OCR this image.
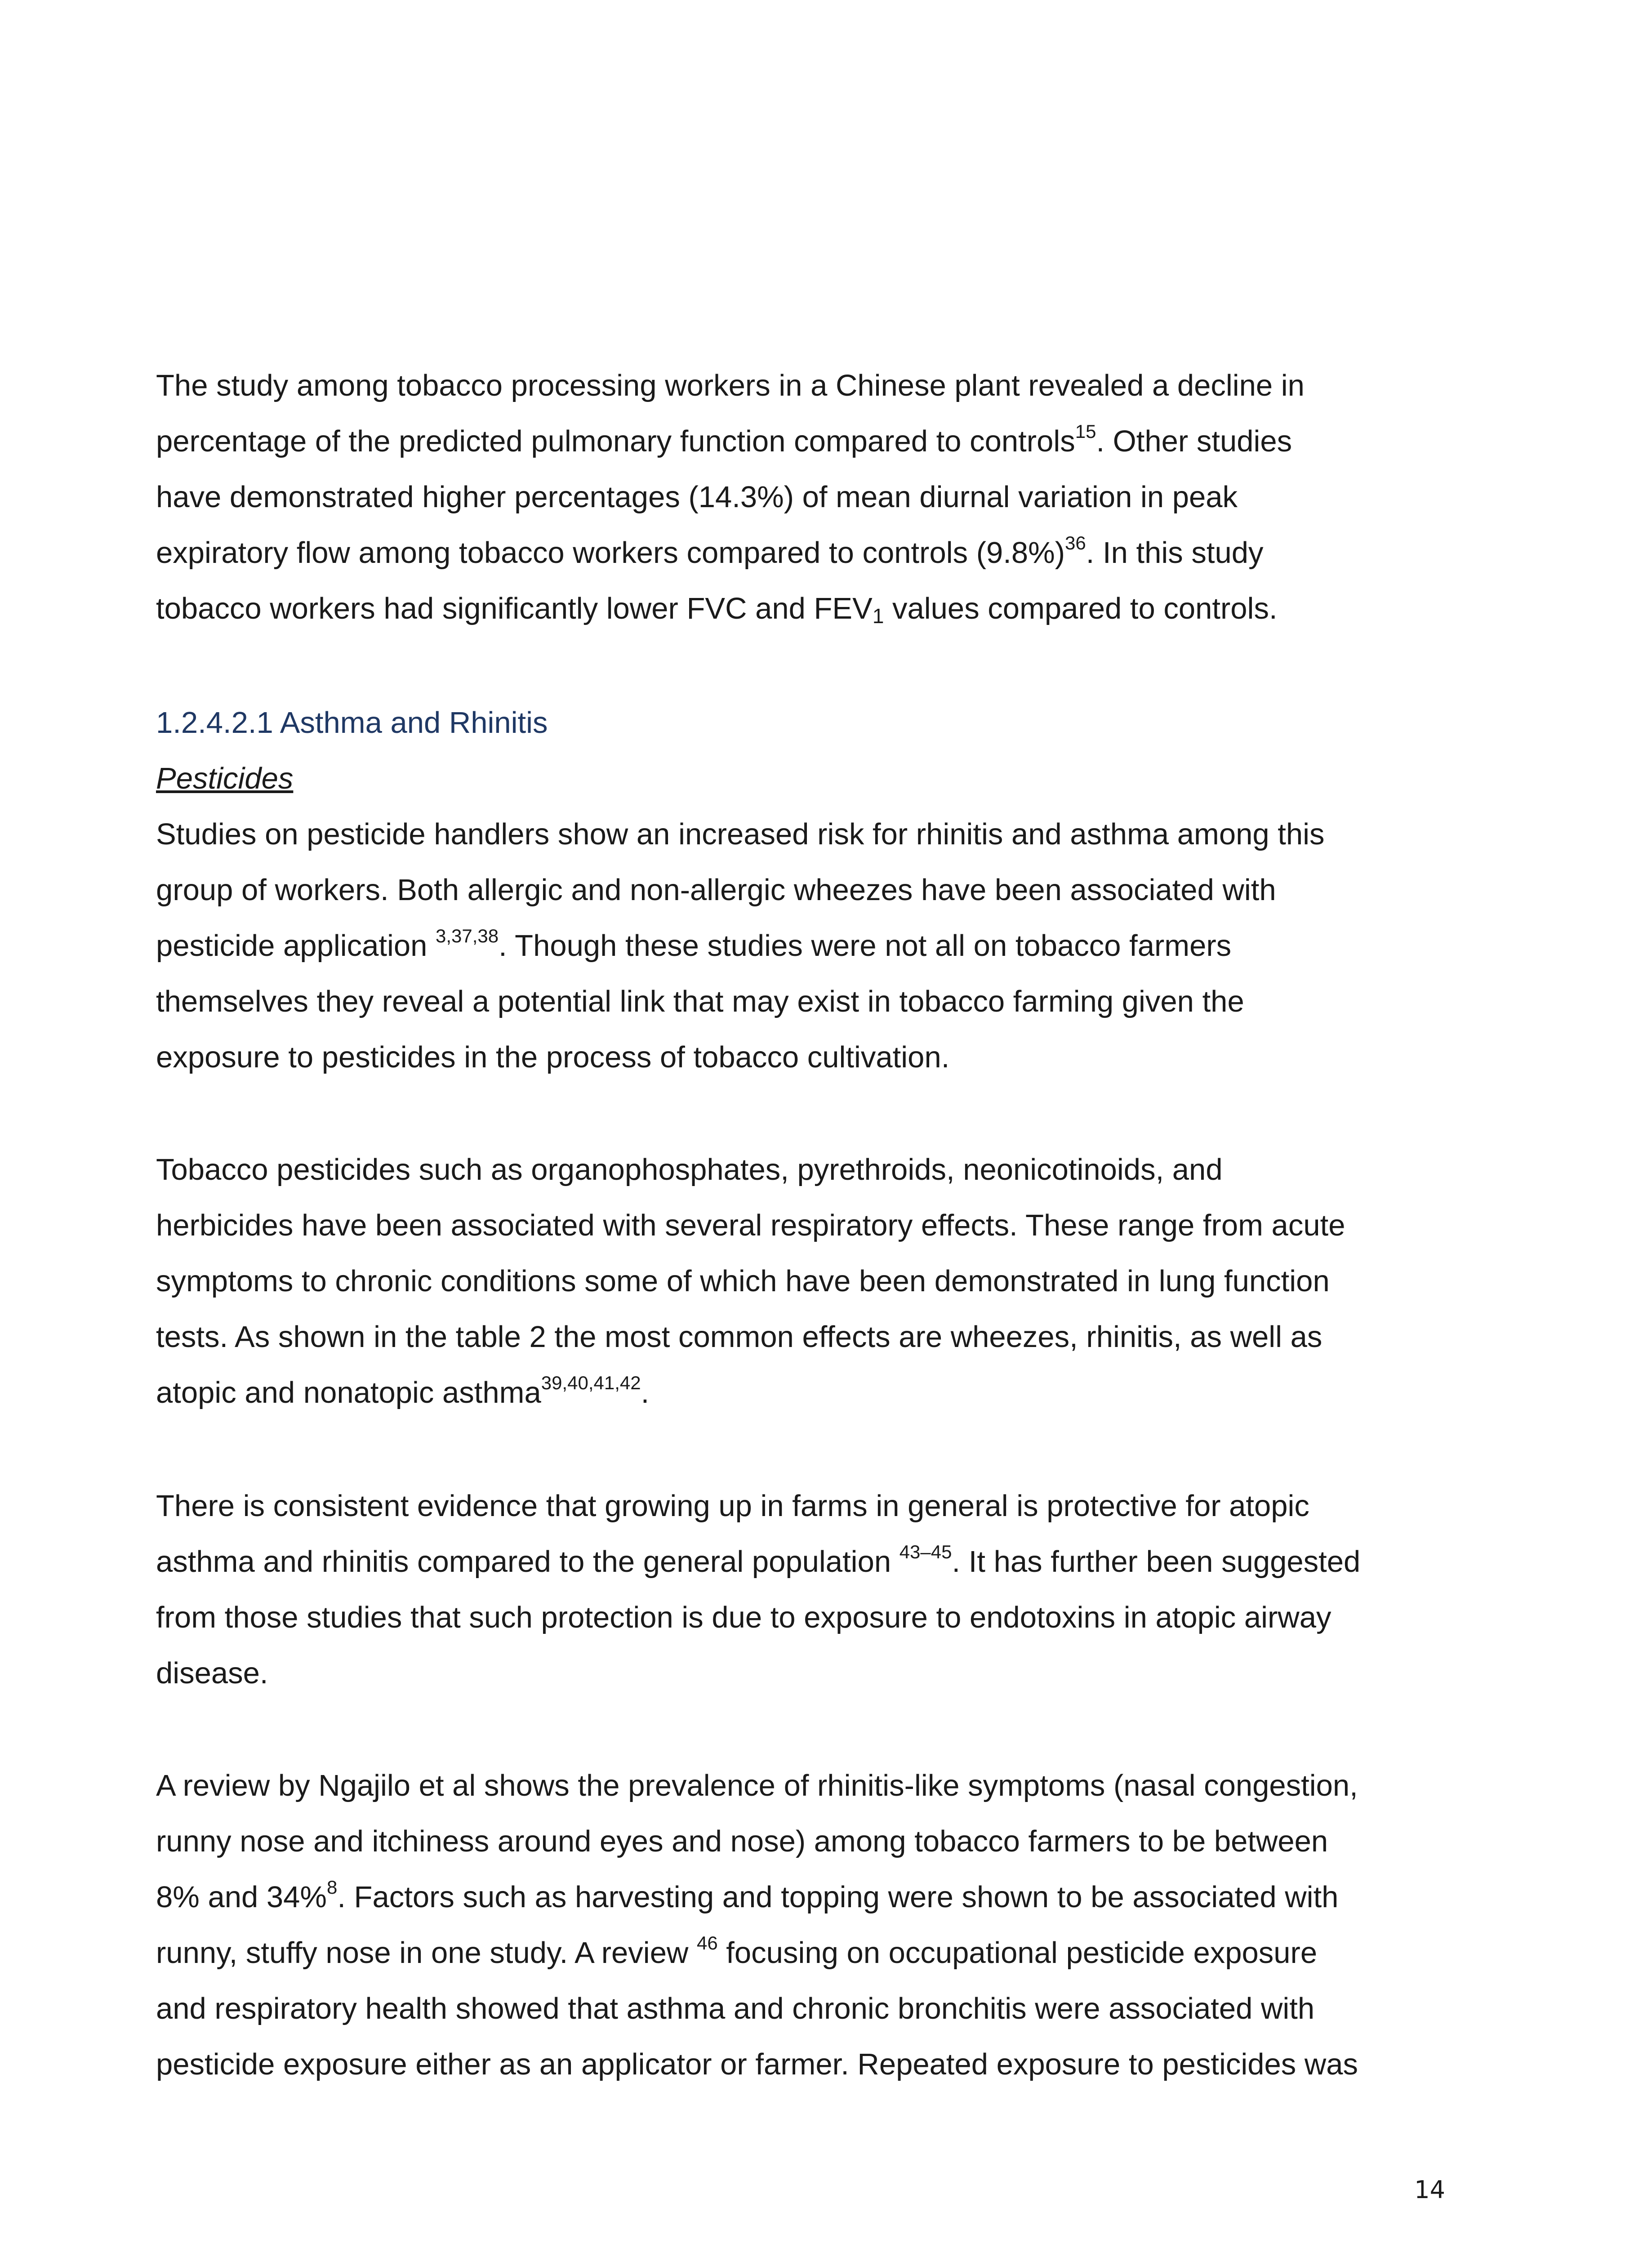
The study among tobacco processing workers in a Chinese plant revealed a decline in

percentage of the predicted pulmonary function compared to controls$^{15}$. Other studies

have demonstrated higher percentages (14.3%) of mean diurnal variation in peak

expiratory flow among tobacco workers compared to controls $(9.8\%)^{36}$. In this study

tobacco workers had significantly lower FVC and FEV1 values compared to controls.

1.2.4.2.1 Asthma and Rhinitis

Pesticides

Studies on pesticide handlers show an increased risk for rhinitis and asthma among this

group of workers. Both allergic and non-allergic wheezes have been associated with

pesticide application $^{3,37,38}$. Though these studies were not all on tobacco farmers

themselves they reveal a potential link that may exist in tobacco farming given the

exposure to pesticides in the process of tobacco cultivation.

Tobacco pesticides such as organophosphates, pyrethroids, neonicotinoids, and

herbicides have been associated with several respiratory effects. These range from acute

symptoms to chronic conditions some of which have been demonstrated in lung function

tests. As shown in the table 2 the most common effects are wheezes, rhinitis, as well as

atopic and nonatopic asthma$^{39,40,41,42}$.

There is consistent evidence that growing up in farms in general is protective for atopic

asthma and rhinitis compared to the general population $^{43-45}$. It has further been suggested

from those studies that such protection is due to exposure to endotoxins in atopic airway

disease.

A review by Ngajilo et al shows the prevalence of rhinitis-like symptoms (nasal congestion,

runny nose and itchiness around eyes and nose) among tobacco farmers to be between

8% and 34%$^8$. Factors such as harvesting and topping were shown to be associated with

runny, stuffy nose in one study. A review $^{46}$ focusing on occupational pesticide exposure

and respiratory health showed that asthma and chronic bronchitis were associated with

pesticide exposure either as an applicator or farmer. Repeated exposure to pesticides was

14
